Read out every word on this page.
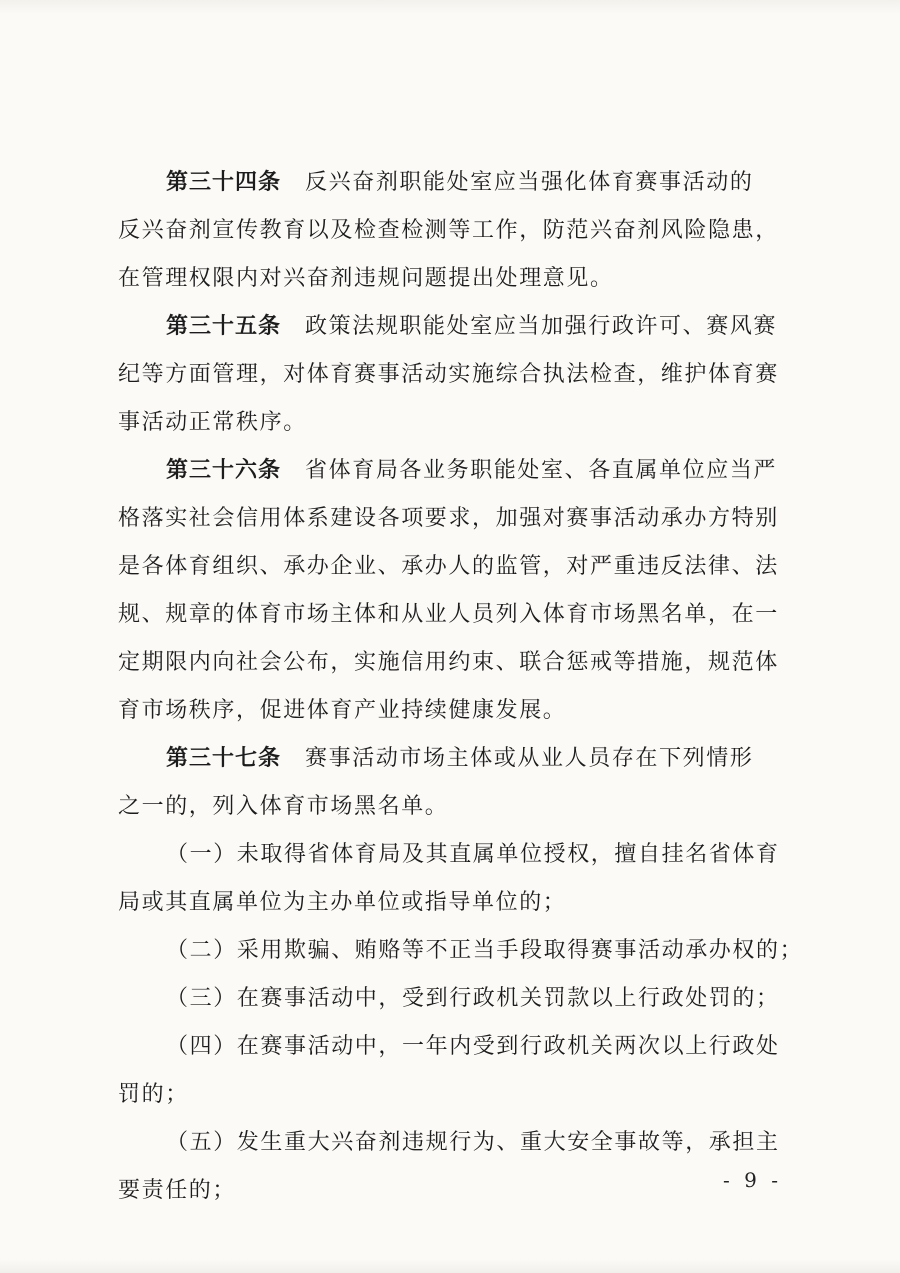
第三十四条 反兴奋剂职能处室应当强化体育赛事活动的
反兴奋剂宣传教育以及检查检测等工作，防范兴奋剂风险隐患，
在管理权限内对兴奋剂违规问题提出处理意见。
第三十五条 政策法规职能处室应当加强行政许可、赛风赛
纪等方面管理，对体育赛事活动实施综合执法检查，维护体育赛
事活动正常秩序。
第三十六条 省体育局各业务职能处室、各直属单位应当严
格落实社会信用体系建设各项要求，加强对赛事活动承办方特别
是各体育组织、承办企业、承办人的监管，对严重违反法律、法
规、规章的体育市场主体和从业人员列入体育市场黑名单，在一
定期限内向社会公布，实施信用约束、联合惩戒等措施，规范体
育市场秩序，促进体育产业持续健康发展。
第三十七条 赛事活动市场主体或从业人员存在下列情形
之一的，列入体育市场黑名单。
（一）未取得省体育局及其直属单位授权，擅自挂名省体育
局或其直属单位为主办单位或指导单位的；
（二）采用欺骗、贿赂等不正当手段取得赛事活动承办权的；
（三）在赛事活动中，受到行政机关罚款以上行政处罚的；
（四）在赛事活动中，一年内受到行政机关两次以上行政处
罚的；
（五）发生重大兴奋剂违规行为、重大安全事故等，承担主
要责任的；	- 9 -
